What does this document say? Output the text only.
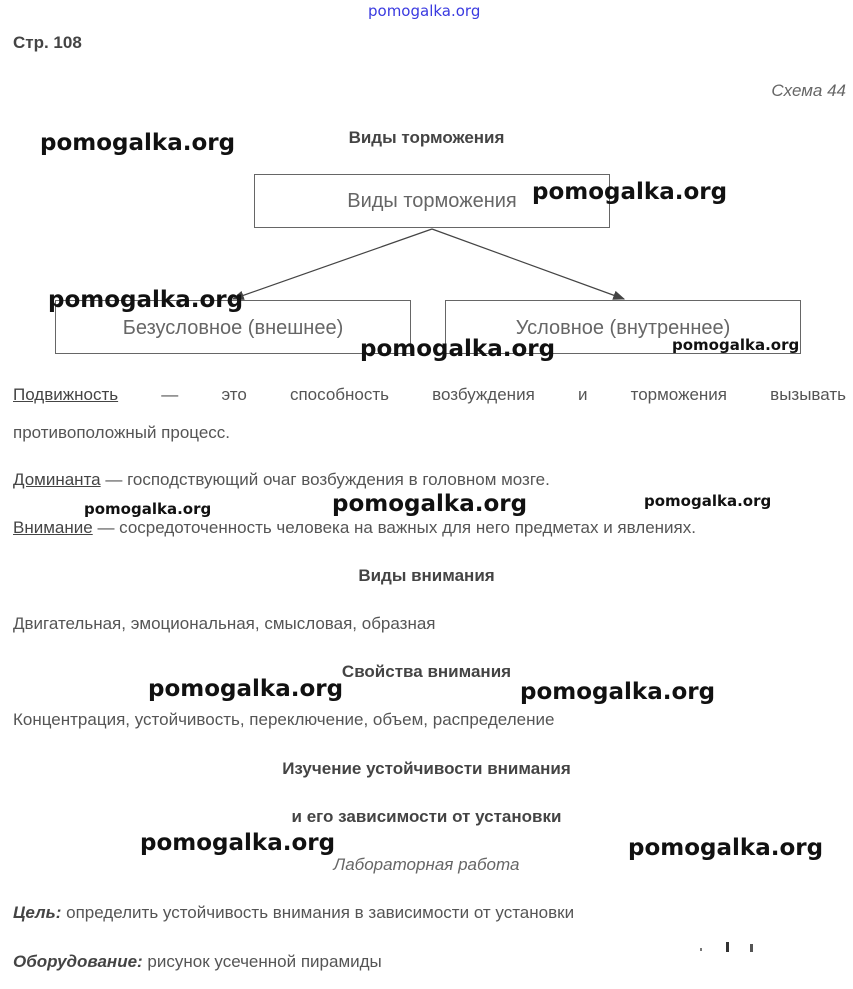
pomogalka.org
Стр. 108
Схема 44
Виды торможения
Виды торможения
Безусловное (внешнее)	Условное (внутреннее)
Подвижность	— это способность возбуждения и торможения вызывать
противоположный процесс.
Доминанта — господствующий очаг возбуждения в головном мозге.
Внимание — сосредоточенность человека на важных для него предметах и явлениях.
Виды внимания
Двигательная, эмоциональная, смысловая, образная
Свойства внимания
Концентрация, устойчивость, переключение, объем, распределение
Изучение устойчивости внимания
и его зависимости от установки
Лабораторная работа
Цель: определить устойчивость внимания в зависимости от установки
Оборудование: рисунок усеченной пирамиды
pomogalka.org
pomogalka.org
pomogalka.org
pomogalka.org	pomogalka.org
pomogalka.org	pomogalka.org	pomogalka.org
pomogalka.org	pomogalka.org
pomogalka.org	pomogalka.org
